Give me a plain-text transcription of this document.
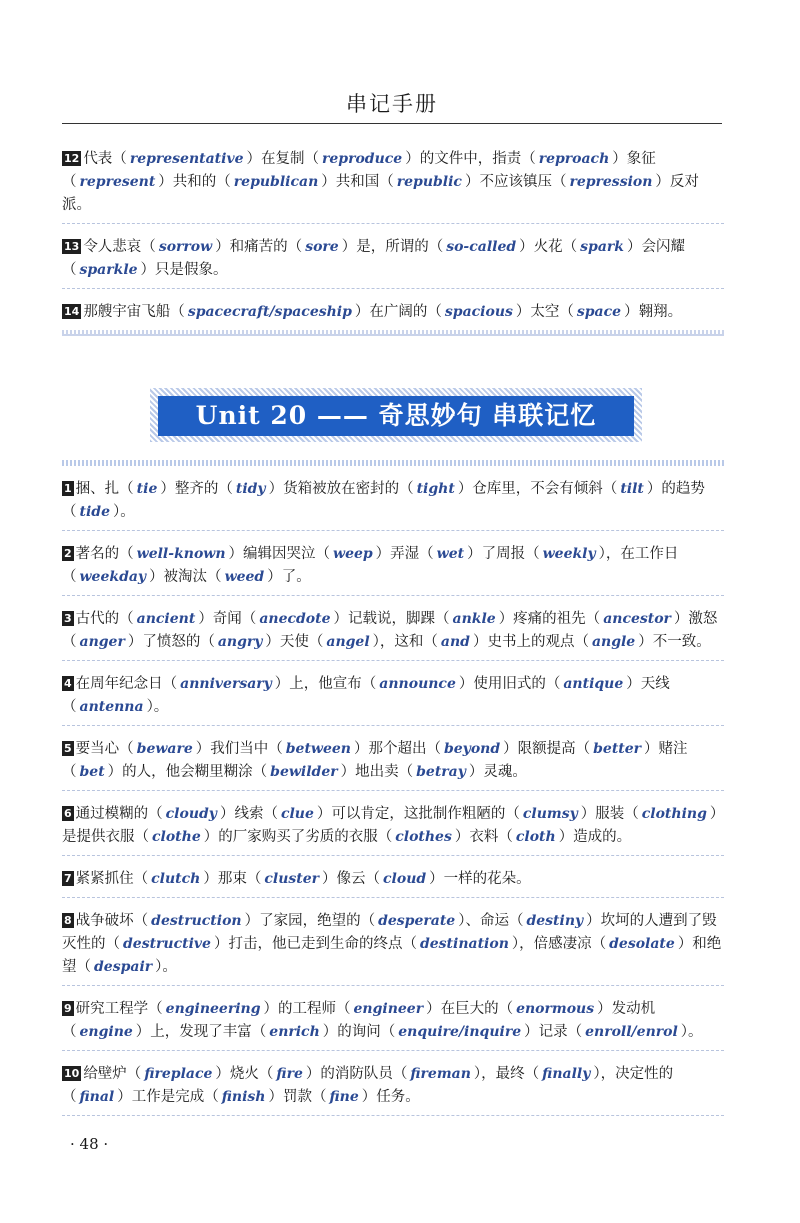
串记手册
12 代表（ representative ）在复制（ reproduce ）的文件中，指责（ reproach ）象征（ represent ）共和的（ republican ）共和国（ republic ）不应该镇压（ repression ）反对派。
13 令人悲哀（ sorrow ）和痛苦的（ sore ）是，所谓的（ so-called ）火花（ spark ）会闪耀（ sparkle ）只是假象。
14 那艘宇宙飞船（ spacecraft/spaceship ）在广阔的（ spacious ）太空（ space ）翱翔。
Unit 20 —— 奇思妙句 串联记忆
1 捆、扎（ tie ）整齐的（ tidy ）货箱被放在密封的（ tight ）仓库里，不会有倾斜（ tilt ）的趋势（ tide ）。
2 著名的（ well-known ）编辑因哭泣（ weep ）弄湿（ wet ）了周报（ weekly ），在工作日（ weekday ）被淘汰（ weed ）了。
3 古代的（ ancient ）奇闻（ anecdote ）记载说，脚踝（ ankle ）疼痛的祖先（ ancestor ）激怒（ anger ）了愤怒的（ angry ）天使（ angel ），这和（ and ）史书上的观点（ angle ）不一致。
4 在周年纪念日（ anniversary ）上，他宣布（ announce ）使用旧式的（ antique ）天线（ antenna ）。
5 要当心（ beware ）我们当中（ between ）那个超出（ beyond ）限额提高（ better ）赌注（ bet ）的人，他会糊里糊涂（ bewilder ）地出卖（ betray ）灵魂。
6 通过模糊的（ cloudy ）线索（ clue ）可以肯定，这批制作粗陋的（ clumsy ）服装（ clothing ）是提供衣服（ clothe ）的厂家购买了劣质的衣服（ clothes ）衣料（ cloth ）造成的。
7 紧紧抓住（ clutch ）那束（ cluster ）像云（ cloud ）一样的花朵。
8 战争破坏（ destruction ）了家园，绝望的（ desperate ）、命运（ destiny ）坎坷的人遭到了毁灭性的（ destructive ）打击，他已走到生命的终点（ destination ），倍感凄凉（ desolate ）和绝望（ despair ）。
9 研究工程学（ engineering ）的工程师（ engineer ）在巨大的（ enormous ）发动机（ engine ）上，发现了丰富（ enrich ）的询问（ enquire/inquire ）记录（ enroll/enrol ）。
10 给壁炉（ fireplace ）烧火（ fire ）的消防队员（ fireman ），最终（ finally ），决定性的（ final ）工作是完成（ finish ）罚款（ fine ）任务。
· 48 ·
